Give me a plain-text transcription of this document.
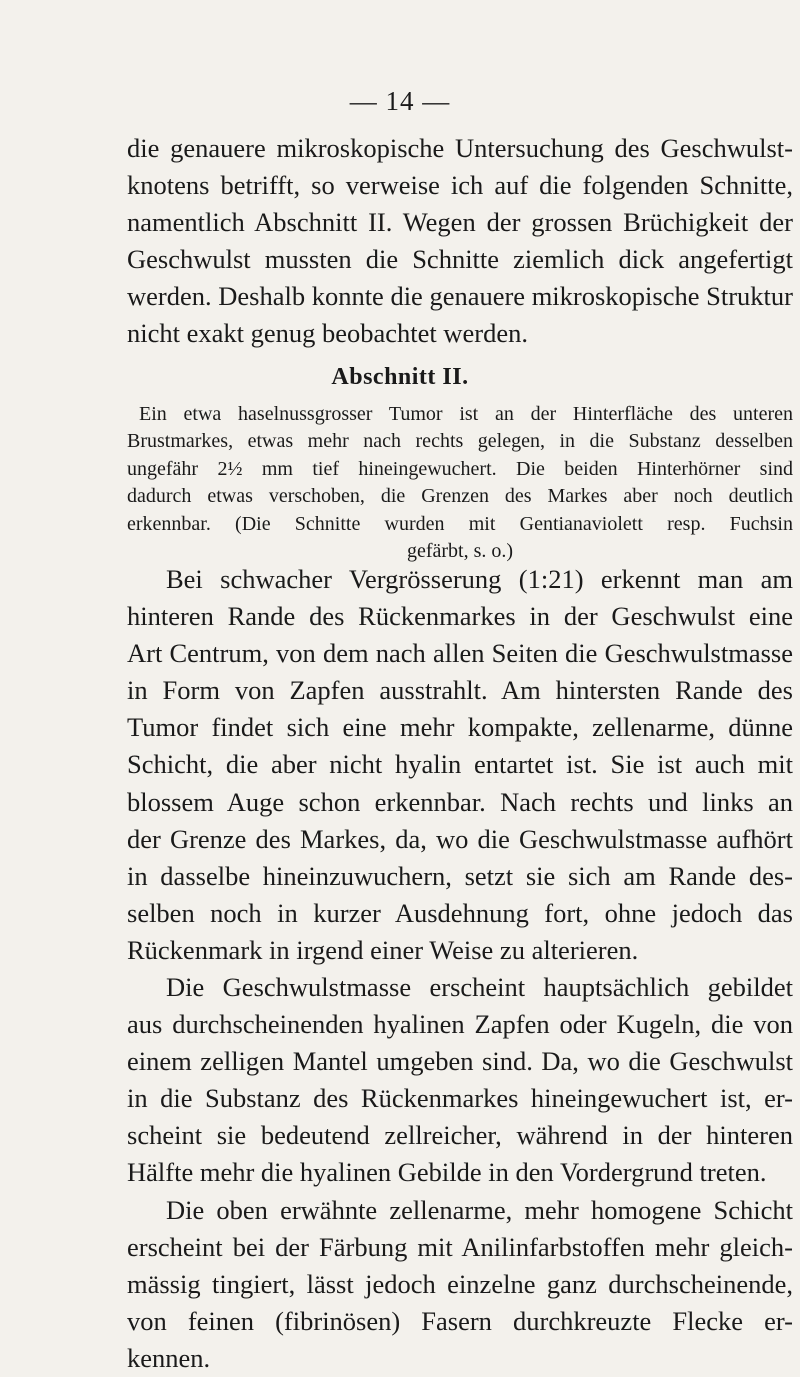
— 14 —
die genauere mikroskopische Untersuchung des Geschwulst-
knotens betrifft, so verweise ich auf die folgenden Schnitte,
namentlich Abschnitt II. Wegen der grossen Brüchigkeit der
Geschwulst mussten die Schnitte ziemlich dick angefertigt
werden. Deshalb konnte die genauere mikroskopische Struktur
nicht exakt genug beobachtet werden.
Abschnitt II.
Ein etwa haselnussgrosser Tumor ist an der Hinterfläche des unteren
Brustmarkes, etwas mehr nach rechts gelegen, in die Substanz desselben
ungefähr 2½ mm tief hineingewuchert. Die beiden Hinterhörner sind
dadurch etwas verschoben, die Grenzen des Markes aber noch deutlich
erkennbar. (Die Schnitte wurden mit Gentianaviolett resp. Fuchsin
gefärbt, s. o.)
Bei schwacher Vergrösserung (1:21) erkennt man am
hinteren Rande des Rückenmarkes in der Geschwulst eine
Art Centrum, von dem nach allen Seiten die Geschwulstmasse
in Form von Zapfen ausstrahlt. Am hintersten Rande des
Tumor findet sich eine mehr kompakte, zellenarme, dünne
Schicht, die aber nicht hyalin entartet ist. Sie ist auch mit
blossem Auge schon erkennbar. Nach rechts und links an
der Grenze des Markes, da, wo die Geschwulstmasse aufhört
in dasselbe hineinzuwuchern, setzt sie sich am Rande des-
selben noch in kurzer Ausdehnung fort, ohne jedoch das
Rückenmark in irgend einer Weise zu alterieren.
Die Geschwulstmasse erscheint hauptsächlich gebildet
aus durchscheinenden hyalinen Zapfen oder Kugeln, die von
einem zelligen Mantel umgeben sind. Da, wo die Geschwulst
in die Substanz des Rückenmarkes hineingewuchert ist, er-
scheint sie bedeutend zellreicher, während in der hinteren
Hälfte mehr die hyalinen Gebilde in den Vordergrund treten.
Die oben erwähnte zellenarme, mehr homogene Schicht
erscheint bei der Färbung mit Anilinfarbstoffen mehr gleich-
mässig tingiert, lässt jedoch einzelne ganz durchscheinende,
von feinen (fibrinösen) Fasern durchkreuzte Flecke er-
kennen.
